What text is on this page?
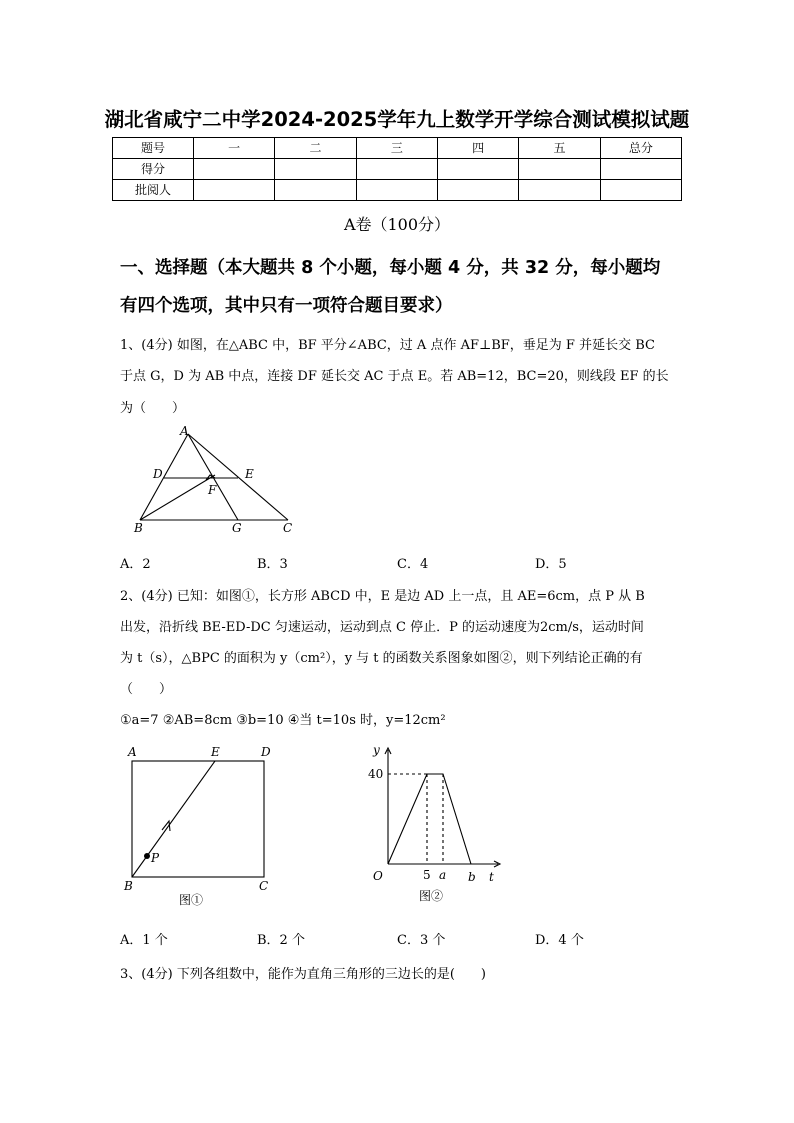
湖北省咸宁二中学2024-2025学年九上数学开学综合测试模拟试题
题号	一	二	三	四	五	总分
得分						
批阅人						
A卷（100分）
一、选择题（本大题共 8 个小题，每小题 4 分，共 32 分，每小题均
有四个选项，其中只有一项符合题目要求）
1、(4分) 如图，在△ABC 中，BF 平分∠ABC，过 A 点作 AF⊥BF，垂足为 F 并延长交 BC
于点 G，D 为 AB 中点，连接 DF 延长交 AC 于点 E。若 AB=12，BC=20，则线段 EF 的长
为（　　）
A
D	E
F
B	G	C
A．2	B．3	C．4	D．5
2、(4分) 已知：如图①，长方形 ABCD 中，E 是边 AD 上一点，且 AE=6cm，点 P 从 B
出发，沿折线 BE-ED-DC 匀速运动，运动到点 C 停止．P 的运动速度为2cm/s，运动时间
为 t（s），△BPC 的面积为 y（cm²），y 与 t 的函数关系图象如图②，则下列结论正确的有
（　　）
①a=7 ②AB=8cm ③b=10 ④当 t=10s 时，y=12cm²
A	E	D
B	C
P
图①
y
40
O	5 a b t
图②
A．1 个	B．2 个	C．3 个	D．4 个
3、(4分) 下列各组数中，能作为直角三角形的三边长的是(　　)
